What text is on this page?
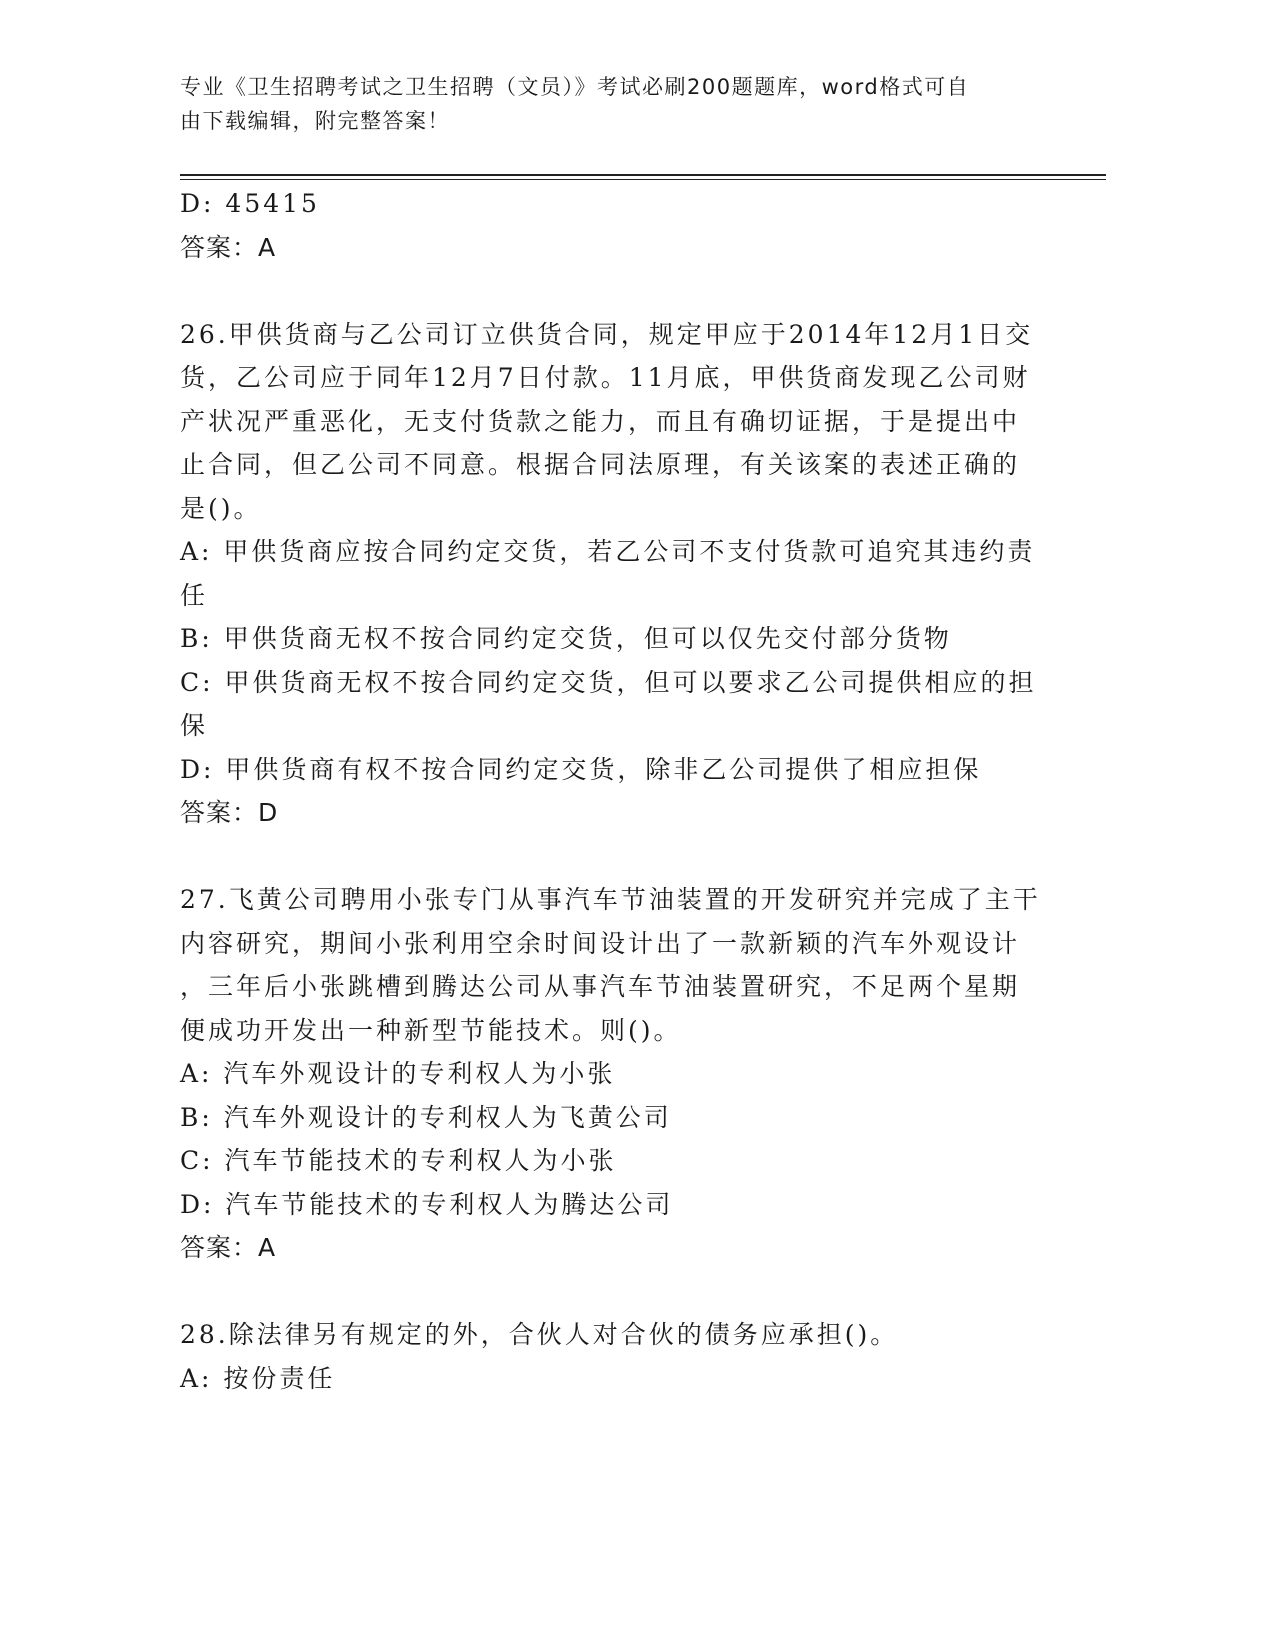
专业《卫生招聘考试之卫生招聘（文员）》考试必刷200题题库，word格式可自
由下载编辑，附完整答案！
D: 45415
答案：A
26.甲供货商与乙公司订立供货合同，规定甲应于2014年12月1日交
货，乙公司应于同年12月7日付款。11月底，甲供货商发现乙公司财
产状况严重恶化，无支付货款之能力，而且有确切证据，于是提出中
止合同，但乙公司不同意。根据合同法原理，有关该案的表述正确的
是()。
A: 甲供货商应按合同约定交货，若乙公司不支付货款可追究其违约责
任
B: 甲供货商无权不按合同约定交货，但可以仅先交付部分货物
C: 甲供货商无权不按合同约定交货，但可以要求乙公司提供相应的担
保
D: 甲供货商有权不按合同约定交货，除非乙公司提供了相应担保
答案：D
27.飞黄公司聘用小张专门从事汽车节油装置的开发研究并完成了主干
内容研究，期间小张利用空余时间设计出了一款新颖的汽车外观设计
，三年后小张跳槽到腾达公司从事汽车节油装置研究，不足两个星期
便成功开发出一种新型节能技术。则()。
A: 汽车外观设计的专利权人为小张
B: 汽车外观设计的专利权人为飞黄公司
C: 汽车节能技术的专利权人为小张
D: 汽车节能技术的专利权人为腾达公司
答案：A
28.除法律另有规定的外，合伙人对合伙的债务应承担()。
A: 按份责任
